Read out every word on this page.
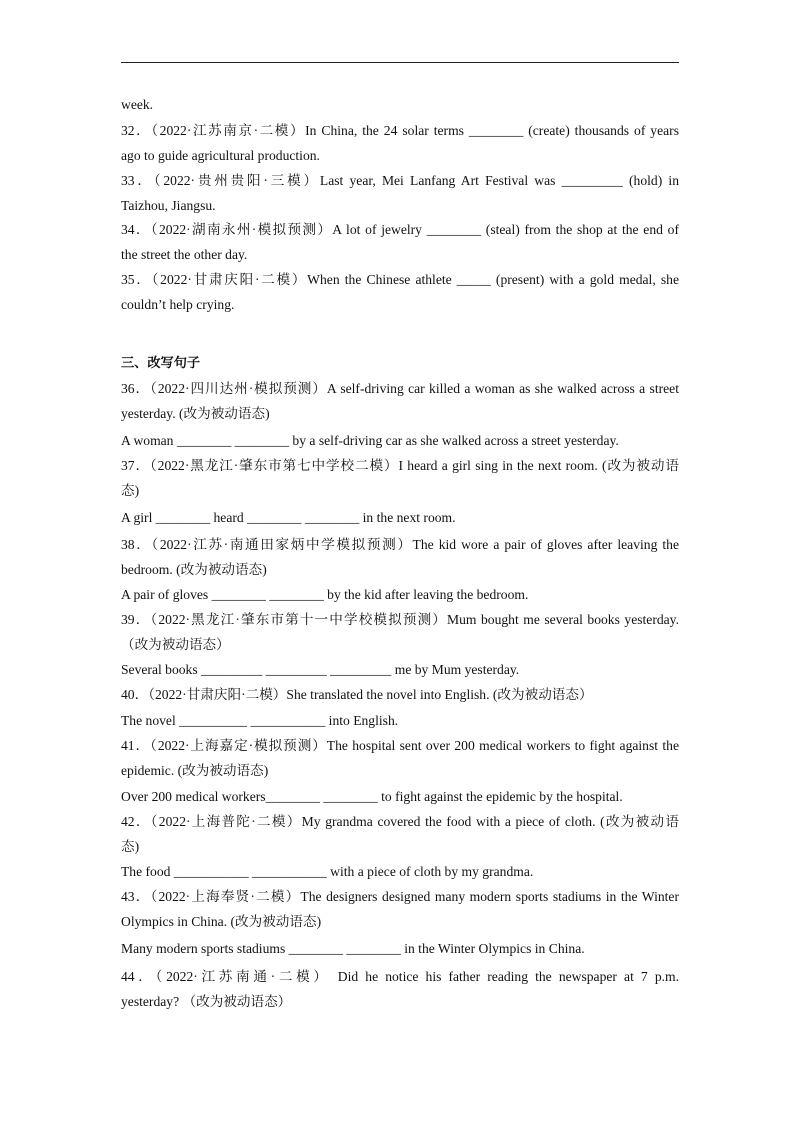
week.
32．（2022·江苏南京·二模）In China, the 24 solar terms ________ (create) thousands of years
ago to guide agricultural production.
33．（2022·贵州贵阳·三模）Last year, Mei Lanfang Art Festival was _________ (hold) in
Taizhou, Jiangsu.
34．（2022·湖南永州·模拟预测）A lot of jewelry ________ (steal) from the shop at the end of
the street the other day.
35．（2022·甘肃庆阳·二模）When the Chinese athlete _____ (present) with a gold medal, she
couldn’t help crying.
三、改写句子
36．（2022·四川达州·模拟预测）A self-driving car killed a woman as she walked across a street
yesterday. (改为被动语态)
A woman ________ ________ by a self-driving car as she walked across a street yesterday.
37．（2022·黑龙江·肇东市第七中学校二模）I heard a girl sing in the next room. (改为被动语
态)
A girl ________ heard ________ ________ in the next room.
38．（2022·江苏·南通田家炳中学模拟预测）The kid wore a pair of gloves after leaving the
bedroom. (改为被动语态)
A pair of gloves ________ ________ by the kid after leaving the bedroom.
39．（2022·黑龙江·肇东市第十一中学校模拟预测）Mum bought me several books yesterday.
（改为被动语态）
Several books _________ _________ _________ me by Mum yesterday.
40．（2022·甘肃庆阳·二模）She translated the novel into English. (改为被动语态）
The novel __________ ___________ into English.
41．（2022·上海嘉定·模拟预测）The hospital sent over 200 medical workers to fight against the
epidemic. (改为被动语态)
Over 200 medical workers________ ________ to fight against the epidemic by the hospital.
42．（2022·上海普陀·二模）My grandma covered the food with a piece of cloth. (改为被动语
态)
The food ___________ ___________ with a piece of cloth by my grandma.
43．（2022·上海奉贤·二模）The designers designed many modern sports stadiums in the Winter
Olympics in China. (改为被动语态)
Many modern sports stadiums ________ ________ in the Winter Olympics in China.
44．（2022·江苏南通·二模） Did he notice his father reading the newspaper at 7 p.m.
yesterday? （改为被动语态）
